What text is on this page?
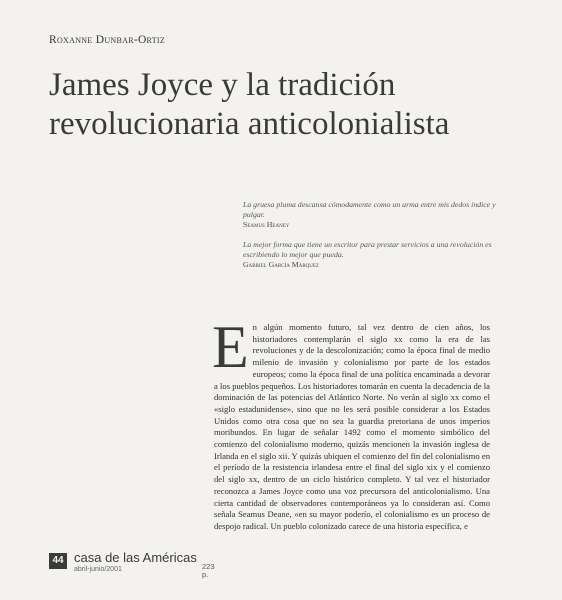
Roxanne Dunbar-Ortiz
James Joyce y la tradición
revolucionaria anticolonialista
La gruesa pluma descansa cómodamente como un arma entre mis dedos índice y pulgar.
Seamus Heaney
La mejor forma que tiene un escritor para prestar servicios a una revolución es escribiendo lo mejor que pueda.
Gabriel García Márquez
E n algún momento futuro, tal vez dentro de cien años, los historiadores contemplarán el siglo xx como la era de las revoluciones y de la descolonización; como la época final de medio milenio de invasión y colonialismo por parte de los estados europeos; como la época final de una política encaminada a devorar a los pueblos pequeños. Los historiadores tomarán en cuenta la decadencia de la dominación de las potencias del Atlántico Norte. No verán al siglo xx como el «siglo estadunidense», sino que no les será posible considerar a los Estados Unidos como otra cosa que no sea la guardia pretoriana de unos imperios moribundos. En lugar de señalar 1492 como el momento simbólico del comienzo del colonialismo moderno, quizás mencionen la invasión inglesa de Irlanda en el siglo xii. Y quizás ubiquen el comienzo del fin del colonialismo en el período de la resistencia irlandesa entre el final del siglo xix y el comienzo del siglo xx, dentro de un ciclo histórico completo. Y tal vez el historiador reconozca a James Joyce como una voz precursora del anticolonialismo. Una cierta cantidad de observadores contemporáneos ya lo consideran así. Como señala Seamus Deane, «en su mayor poderío, el colonialismo es un proceso de despojo radical. Un pueblo colonizado carece de una historia específica, e
44 casa de las Américas
abril-junio/2001	223
p.
